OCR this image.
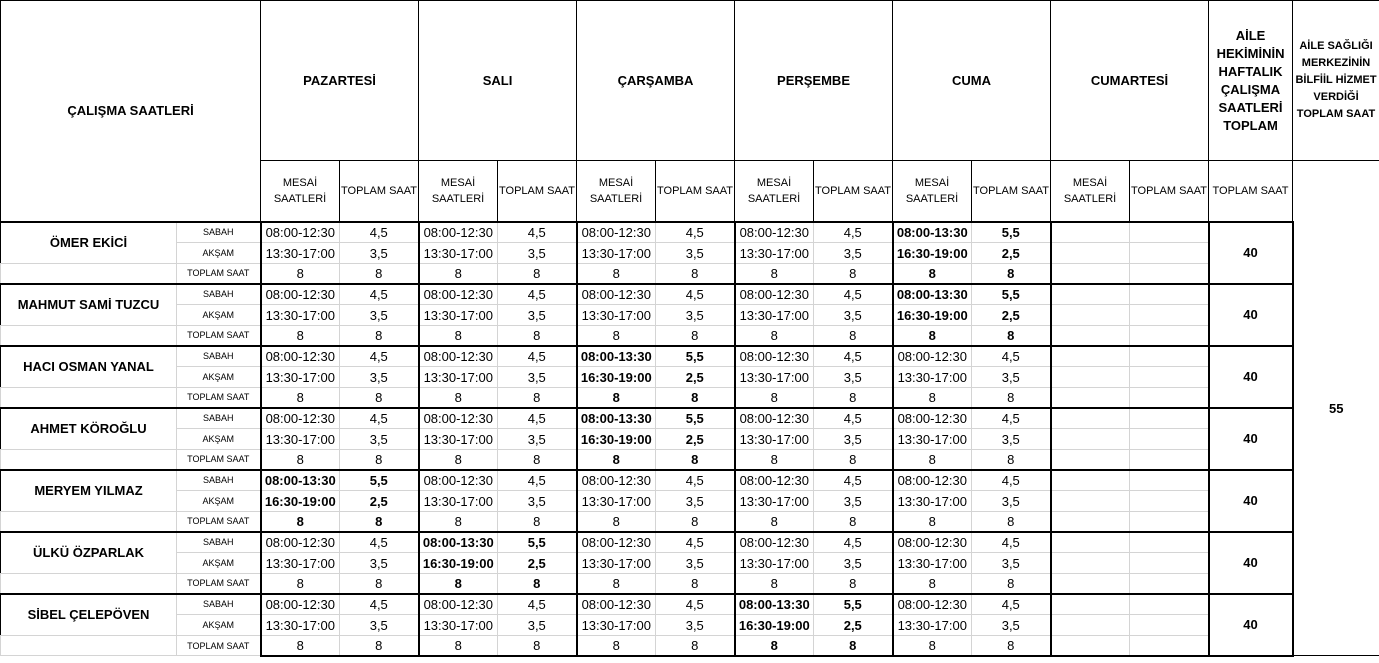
ÇALIŞMA SAATLERİ		PAZARTESİ		SALI		ÇARŞAMBA		PERŞEMBE		CUMA		CUMARTESİ		AİLE HEKİMİNİN HAFTALIK ÇALIŞMA SAATLERİ TOPLAM	AİLE SAĞLIĞI MERKEZİNİN BİLFİİL HİZMET VERDİĞİ TOPLAM SAAT
		MESAİ SAATLERİ	TOPLAM SAAT	MESAİ SAATLERİ	TOPLAM SAAT	MESAİ SAATLERİ	TOPLAM SAAT	MESAİ SAATLERİ	TOPLAM SAAT	MESAİ SAATLERİ	TOPLAM SAAT	MESAİ SAATLERİ	TOPLAM SAAT	TOPLAM SAAT	55
ÖMER EKİCİ	SABAH	08:00-12:30	4,5	08:00-12:30	4,5	08:00-12:30	4,5	08:00-12:30	4,5	08:00-13:30	5,5			40	
	AKŞAM	13:30-17:00	3,5	13:30-17:00	3,5	13:30-17:00	3,5	13:30-17:00	3,5	16:30-19:00	2,5				
	TOPLAM SAAT	8	8	8	8	8	8	8	8	8	8				
MAHMUT SAMİ TUZCU	SABAH	08:00-12:30	4,5	08:00-12:30	4,5	08:00-12:30	4,5	08:00-12:30	4,5	08:00-13:30	5,5			40	
	AKŞAM	13:30-17:00	3,5	13:30-17:00	3,5	13:30-17:00	3,5	13:30-17:00	3,5	16:30-19:00	2,5				
	TOPLAM SAAT	8	8	8	8	8	8	8	8	8	8				
HACI OSMAN YANAL	SABAH	08:00-12:30	4,5	08:00-12:30	4,5	08:00-13:30	5,5	08:00-12:30	4,5	08:00-12:30	4,5			40	
	AKŞAM	13:30-17:00	3,5	13:30-17:00	3,5	16:30-19:00	2,5	13:30-17:00	3,5	13:30-17:00	3,5				
	TOPLAM SAAT	8	8	8	8	8	8	8	8	8	8				
AHMET KÖROĞLU	SABAH	08:00-12:30	4,5	08:00-12:30	4,5	08:00-13:30	5,5	08:00-12:30	4,5	08:00-12:30	4,5			40	
	AKŞAM	13:30-17:00	3,5	13:30-17:00	3,5	16:30-19:00	2,5	13:30-17:00	3,5	13:30-17:00	3,5				
	TOPLAM SAAT	8	8	8	8	8	8	8	8	8	8				
MERYEM YILMAZ	SABAH	08:00-13:30	5,5	08:00-12:30	4,5	08:00-12:30	4,5	08:00-12:30	4,5	08:00-12:30	4,5			40	
	AKŞAM	16:30-19:00	2,5	13:30-17:00	3,5	13:30-17:00	3,5	13:30-17:00	3,5	13:30-17:00	3,5				
	TOPLAM SAAT	8	8	8	8	8	8	8	8	8	8				
ÜLKÜ ÖZPARLAK	SABAH	08:00-12:30	4,5	08:00-13:30	5,5	08:00-12:30	4,5	08:00-12:30	4,5	08:00-12:30	4,5			40	
	AKŞAM	13:30-17:00	3,5	16:30-19:00	2,5	13:30-17:00	3,5	13:30-17:00	3,5	13:30-17:00	3,5				
	TOPLAM SAAT	8	8	8	8	8	8	8	8	8	8				
SİBEL ÇELEPÖVEN	SABAH	08:00-12:30	4,5	08:00-12:30	4,5	08:00-12:30	4,5	08:00-13:30	5,5	08:00-12:30	4,5			40	
	AKŞAM	13:30-17:00	3,5	13:30-17:00	3,5	13:30-17:00	3,5	16:30-19:00	2,5	13:30-17:00	3,5				
	TOPLAM SAAT	8	8	8	8	8	8	8	8	8	8				
